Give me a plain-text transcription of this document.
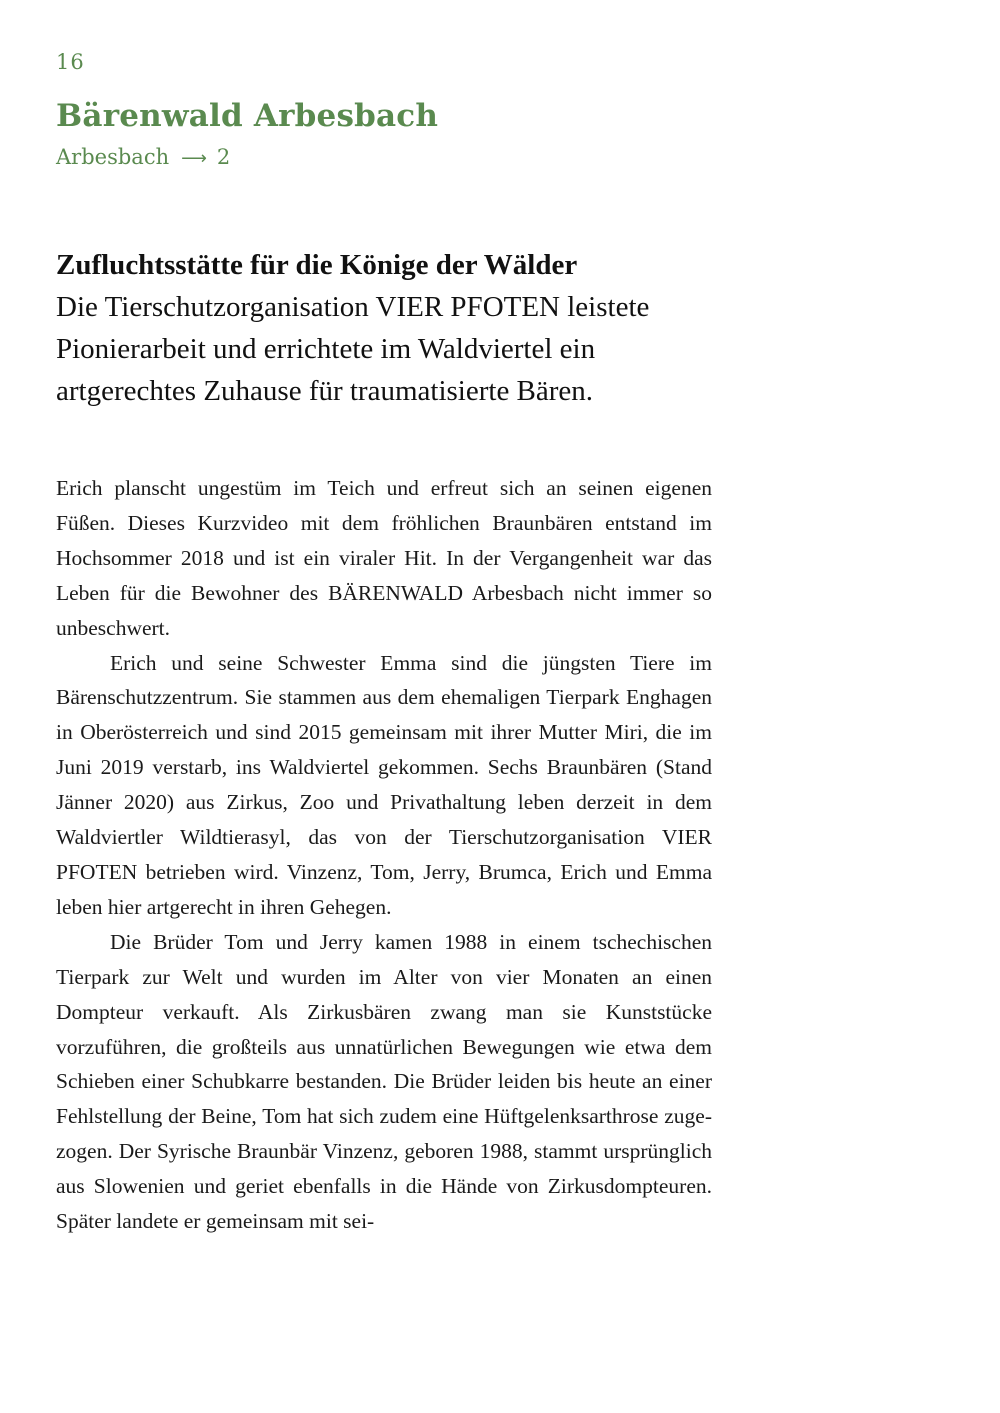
16
Bärenwald Arbesbach
Arbesbach ⟶ 2
Zufluchtsstätte für die Könige der Wälder
Die Tierschutzorganisation VIER PFOTEN leistete Pionierarbeit und errichtete im Waldviertel ein artgerechtes Zuhause für traumatisierte Bären.

Erich planscht ungestüm im Teich und erfreut sich an seinen eigenen Füßen. Dieses Kurzvideo mit dem fröhlichen Braunbären entstand im Hochsommer 2018 und ist ein viraler Hit. In der Vergangenheit war das Leben für die Bewohner des BÄRENWALD Arbesbach nicht immer so unbeschwert.

Erich und seine Schwester Emma sind die jüngsten Tiere im Bärenschutzzentrum. Sie stammen aus dem ehemaligen Tierpark Enghagen in Oberösterreich und sind 2015 gemeinsam mit ihrer Mutter Miri, die im Juni 2019 verstarb, ins Waldviertel gekommen. Sechs Braunbären (Stand Jänner 2020) aus Zirkus, Zoo und Privathaltung leben derzeit in dem Waldviertler Wildtierasyl, das von der Tierschutzorganisation VIER PFOTEN betrieben wird. Vinzenz, Tom, Jerry, Brumca, Erich und Emma leben hier artgerecht in ihren Gehegen.

Die Brüder Tom und Jerry kamen 1988 in einem tschechischen Tierpark zur Welt und wurden im Alter von vier Monaten an einen Dompteur verkauft. Als Zirkusbären zwang man sie Kunststücke vorzuführen, die großteils aus unnatürlichen Bewegungen wie etwa dem Schieben einer Schubkarre bestanden. Die Brüder leiden bis heute an einer Fehlstellung der Beine, Tom hat sich zudem eine Hüftgelenksarthrose zugezogen. Der Syrische Braunbär Vinzenz, geboren 1988, stammt ursprünglich aus Slowenien und geriet ebenfalls in die Hände von Zirkusdompteuren. Später landete er gemeinsam mit sei-
